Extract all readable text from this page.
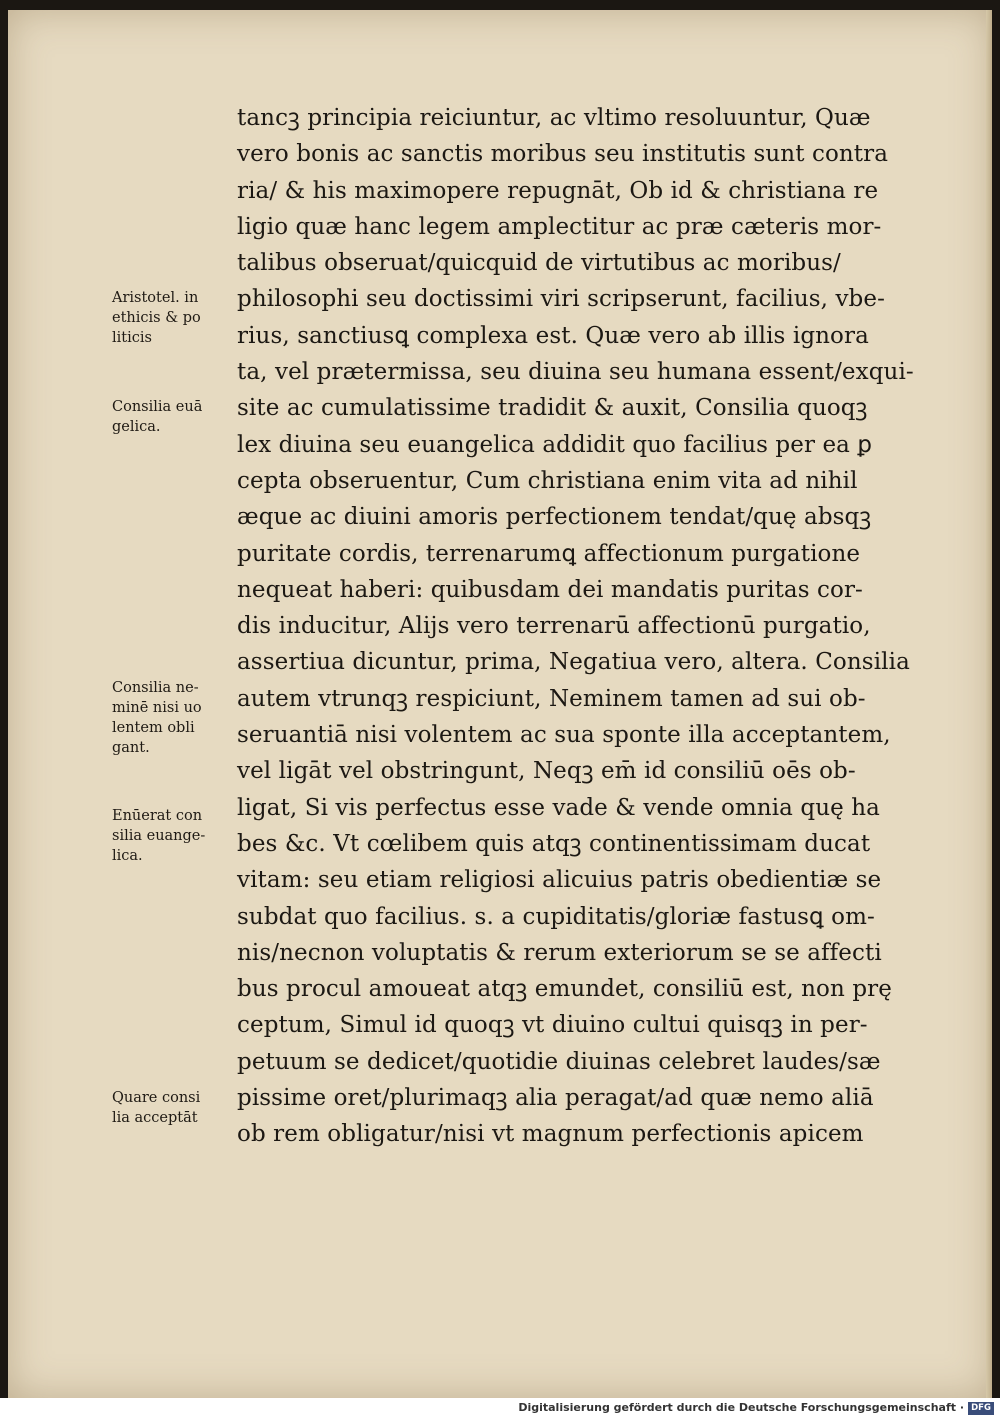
tancꝫ principia reiciuntur, ac vltimo resoluuntur, Quæ
vero bonis ac sanctis moribus seu institutis sunt contra
ria/ & his maximopere repugnāt, Ob id & christiana re
ligio quæ hanc legem amplectitur ac præ cæteris mor-
talibus obseruat/quicquid de virtutibus ac moribus/
philosophi seu doctissimi viri scripserunt, facilius, vbe-
rius, sanctiusꝗ complexa est. Quæ vero ab illis ignora
ta, vel prætermissa, seu diuina seu humana essent/exqui-
site ac cumulatissime tradidit & auxit, Consilia quoqꝫ
lex diuina seu euangelica addidit quo facilius per ea ꝑ
cepta obseruentur, Cum christiana enim vita ad nihil
æque ac diuini amoris perfectionem tendat/quę absqꝫ
puritate cordis, terrenarumꝗ affectionum purgatione
nequeat haberi: quibusdam dei mandatis puritas cor-
dis inducitur, Alijs vero terrenarū affectionū purgatio,
assertiua dicuntur, prima, Negatiua vero, altera. Consilia
autem vtrunqꝫ respiciunt, Neminem tamen ad sui ob-
seruantiā nisi volentem ac sua sponte illa acceptantem,
vel ligāt vel obstringunt, Neqꝫ em̄ id consiliū oēs ob-
ligat, Si vis perfectus esse vade & vende omnia quę ha
bes &c. Vt cœlibem quis atqꝫ continentissimam ducat
vitam: seu etiam religiosi alicuius patris obedientiæ se
subdat quo facilius. s. a cupiditatis/gloriæ fastusꝗ om-
nis/necnon voluptatis & rerum exteriorum se se affecti
bus procul amoueat atqꝫ emundet, consiliū est, non prę
ceptum, Simul id quoqꝫ vt diuino cultui quisqꝫ in per-
petuum se dedicet/quotidie diuinas celebret laudes/sæ
pissime oret/plurimaqꝫ alia peragat/ad quæ nemo aliā
ob rem obligatur/nisi vt magnum perfectionis apicem
Aristotel. in
ethicis & po
liticis
Consilia euā
gelica.
Consilia ne-
minē nisi uo
lentem obli
gant.
Enūerat con
silia euange-
lica.
Quare consi
lia acceptāt
Digitalisierung gefördert durch die Deutsche Forschungsgemeinschaft · DFG
